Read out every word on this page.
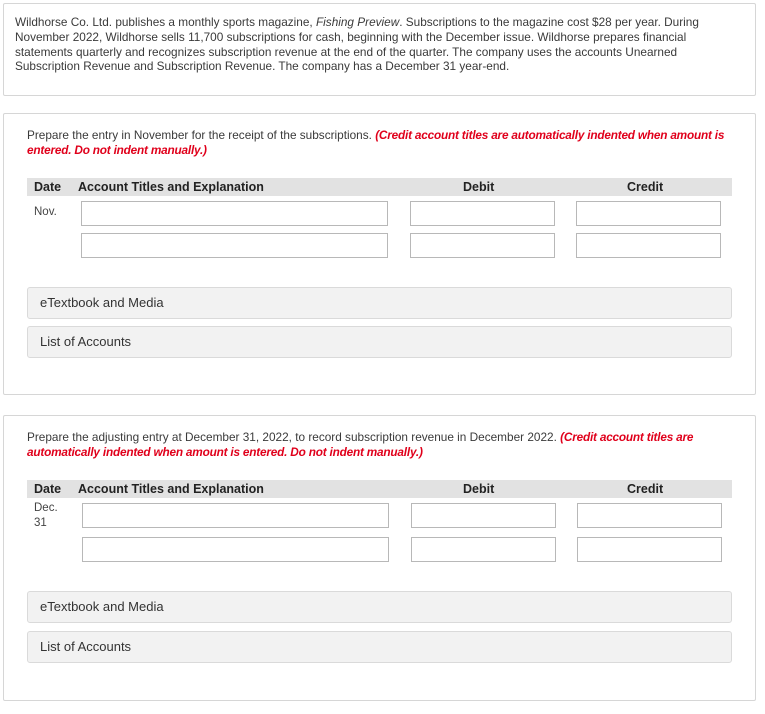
Wildhorse Co. Ltd. publishes a monthly sports magazine, Fishing Preview. Subscriptions to the magazine cost $28 per year. During November 2022, Wildhorse sells 11,700 subscriptions for cash, beginning with the December issue. Wildhorse prepares financial statements quarterly and recognizes subscription revenue at the end of the quarter. The company uses the accounts Unearned Subscription Revenue and Subscription Revenue. The company has a December 31 year-end.
Prepare the entry in November for the receipt of the subscriptions. (Credit account titles are automatically indented when amount is entered. Do not indent manually.)
Date Account Titles and Explanation	Debit	Credit
Nov.
eTextbook and Media
List of Accounts
Prepare the adjusting entry at December 31, 2022, to record subscription revenue in December 2022. (Credit account titles are automatically indented when amount is entered. Do not indent manually.)
Date Account Titles and Explanation	Debit	Credit
Dec.
31
eTextbook and Media
List of Accounts
